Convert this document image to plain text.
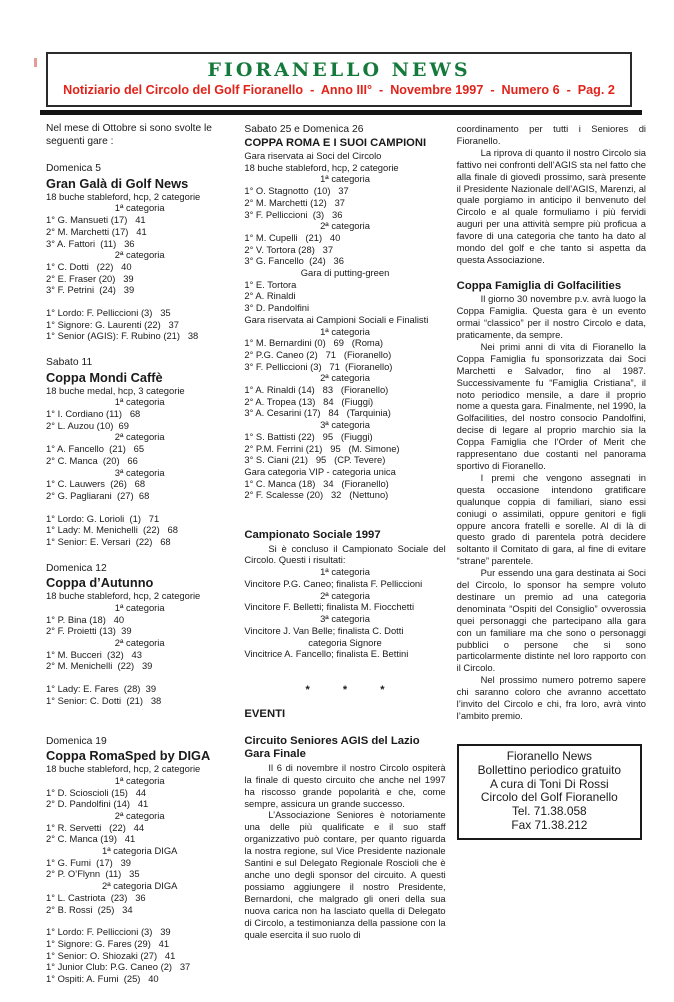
FIORANELLO NEWS
Notiziario del Circolo del Golf Fioranello  -  Anno III°  -  Novembre 1997  -  Numero 6  -  Pag. 2
Nel mese di Ottobre si sono svolte le seguenti gare :
Domenica 5
Gran Galà di Golf News
18 buche stableford, hcp, 2 categorie
1ª categoria
1° G. Mansueti (17)   41
2° M. Marchetti (17)   41
3° A. Fattori  (11)   36
2ª categoria
1° C. Dotti   (22)   40
2° E. Fraser (20)   39
3° F. Petrini  (24)   39
1° Lordo: F. Pelliccioni (3)   35
1° Signore: G. Laurenti (22)   37
1° Senior (AGIS): F. Rubino (21)   38
Sabato 11
Coppa Mondi Caffè
18 buche medal, hcp, 3 categorie
1ª categoria
1° I. Cordiano (11)   68
2° L. Auzou (10)  69
2ª categoria
1° A. Fancello  (21)   65
2° C. Manca  (20)   66
3ª categoria
1° C. Lauwers  (26)   68
2° G. Pagliarani  (27)  68
1° Lordo: G. Lorioli  (1)   71
1° Lady: M. Menichelli  (22)   68
1° Senior: E. Versari  (22)   68
Domenica 12
Coppa d’Autunno
18 buche stableford, hcp, 2 categorie
1ª categoria
1° P. Bina (18)   40
2° F. Proietti (13)  39
2ª categoria
1° M. Bucceri  (32)   43
2° M. Menichelli  (22)   39
1° Lady: E. Fares  (28)  39
1° Senior: C. Dotti  (21)   38
Domenica 19
Coppa RomaSped by DIGA
18 buche stableford, hcp, 2 categorie
1ª categoria
1° D. Scioscioli (15)   44
2° D. Pandolfini (14)   41
2ª categoria
1° R. Servetti   (22)   44
2° C. Manca (19)   41
1ª categoria DIGA
1° G. Fumi  (17)   39
2° P. O’Flynn  (11)   35
2ª categoria DIGA
1° L. Castriota  (23)   36
2° B. Rossi  (25)   34
1° Lordo: F. Pelliccioni (3)   39
1° Signore: G. Fares (29)   41
1° Senior: O. Shiozaki (27)   41
1° Junior Club: P.G. Caneo (2)   37
1° Ospiti: A. Fumi  (25)   40
Sabato 25 e Domenica 26
COPPA ROMA E I SUOI CAMPIONI
Gara riservata ai Soci del Circolo
18 buche stableford, hcp, 2 categorie
1ª categoria
1° O. Stagnotto  (10)   37
2° M. Marchetti (12)   37
3° F. Pelliccioni  (3)   36
2ª categoria
1° M. Cupelli   (21)   40
2° V. Tortora (28)   37
3° G. Fancello  (24)   36
Gara di putting-green
1° E. Tortora
2° A. Rinaldi
3° D. Pandolfini
Gara riservata ai Campioni Sociali e Finalisti
1ª categoria
1° M. Bernardini (0)   69   (Roma)
2° P.G. Caneo (2)   71   (Fioranello)
3° F. Pelliccioni (3)   71  (Fioranello)
2ª categoria
1° A. Rinaldi (14)   83   (Fioranello)
2° A. Tropea (13)   84   (Fiuggi)
3° A. Cesarini (17)   84   (Tarquinia)
3ª categoria
1° S. Battisti (22)   95   (Fiuggi)
2° P.M. Ferrini (21)   95   (M. Simone)
3° S. Ciani (21)   95   (CP. Tevere)
Gara categoria VIP - categoria unica
1° C. Manca (18)   34   (Fioranello)
2° F. Scalesse (20)   32   (Nettuno)
Campionato Sociale 1997
Si è concluso il Campionato Sociale del Circolo. Questi i risultati:
1ª categoria
Vincitore P.G. Caneo; finalista F. Pelliccioni
2ª categoria
Vincitore F. Belletti; finalista M. Fiocchetti
3ª categoria
Vincitore J. Van Belle; finalista C. Dotti
categoria Signore
Vincitrice A. Fancello; finalista E. Bettini
*  *  *
EVENTI
Circuito Seniores AGIS del Lazio
Gara Finale
Il 6 di novembre il nostro Circolo ospiterà la finale di questo circuito che anche nel 1997 ha riscosso grande popolarità e che, come sempre, assicura un grande successo.
L’Associazione Seniores è notoriamente una delle più qualificate e il suo staff organizzativo può contare, per quanto riguarda la nostra regione, sul Vice Presidente nazionale Santini e sul Delegato Regionale Roscioli che è anche uno degli sponsor del circuito. A questi possiamo aggiungere il nostro Presidente, Bernardoni, che malgrado gli oneri della sua nuova carica non ha lasciato quella di Delegato di Circolo, a testimonianza della passione con la quale esercita il suo ruolo di
coordinamento per tutti i Seniores di Fioranello.
La riprova di quanto il nostro Circolo sia fattivo nei confronti dell’AGIS sta nel fatto che alla finale di giovedì prossimo, sarà presente il Presidente Nazionale dell’AGIS, Marenzi, al quale porgiamo in anticipo il benvenuto del Circolo e al quale formuliamo i più fervidi auguri per una attività sempre più proficua a favore di una categoria che tanto ha dato al mondo del golf e che tanto si aspetta da questa Associazione.
Coppa Famiglia di Golfacilities
Il giorno 30 novembre p.v. avrà luogo la Coppa Famiglia. Questa gara è un evento ormai “classico” per il nostro Circolo e data, praticamente, da sempre.
Nei primi anni di vita di Fioranello la Coppa Famiglia fu sponsorizzata dai Soci Marchetti e Salvador, fino al 1987. Successivamente fu “Famiglia Cristiana”, il noto periodico mensile, a dare il proprio nome a questa gara. Finalmente, nel 1990, la Golfacilities, del nostro consocio Pandolfini, decise di legare al proprio marchio sia la Coppa Famiglia che l’Order of Merit che rappresentano due costanti nel panorama sportivo di Fioranello.
I premi che vengono assegnati in questa occasione intendono gratificare qualunque coppia di familiari, siano essi coniugi o assimilati, oppure genitori e figli oppure ancora fratelli e sorelle. Al di là di questo grado di parentela potrà decidere soltanto il Comitato di gara, al fine di evitare “strane” parentele.
Pur essendo una gara destinata ai Soci del Circolo, lo sponsor ha sempre voluto destinare un premio ad una categoria denominata “Ospiti del Consiglio” ovverossia quei personaggi che partecipano alla gara con un familiare ma che sono o personaggi pubblici o persone che si sono particolarmente distinte nel loro rapporto con il Circolo.
Nel prossimo numero potremo sapere chi saranno coloro che avranno accettato l’invito del Circolo e chi, fra loro, avrà vinto l’ambito premio.
Fioranello News
Bollettino periodico gratuito
A cura di Toni Di Rossi
Circolo del Golf Fioranello
Tel. 71.38.058
Fax 71.38.212
